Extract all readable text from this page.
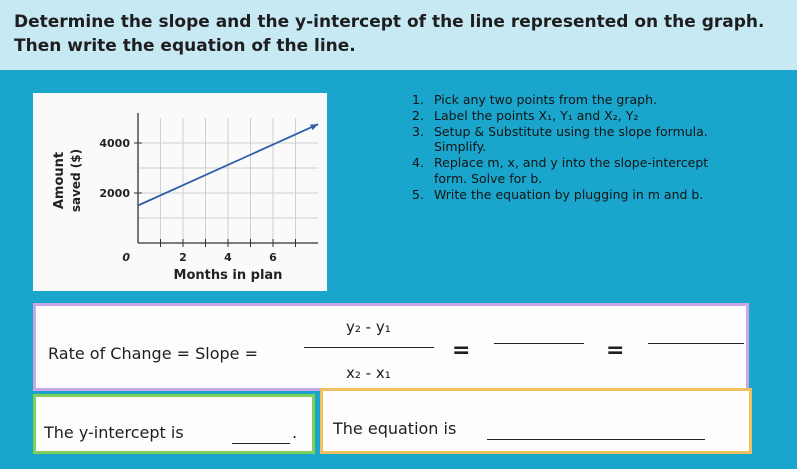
Determine the slope and the y-intercept of the line represented on the graph.
Then write the equation of the line.
2	4	6
2000
4000
0
Months in plan
Amount saved ($)
1. Pick any two points from the graph.
2. Label the points X₁, Y₁ and X₂, Y₂
3. Setup & Substitute using the slope formula.
Simplify.
4. Replace m, x, and y into the slope-intercept
form. Solve for b.
5. Write the equation by plugging in m and b.
Rate of Change = Slope =
y₂ - y₁
x₂ - x₁
=	=
The y-intercept is	. The equation is
